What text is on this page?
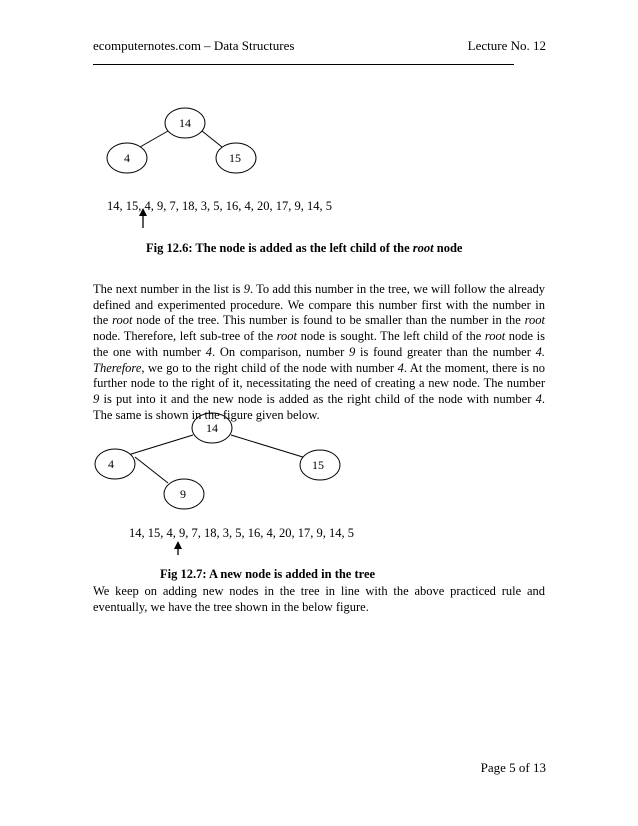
ecomputernotes.com – Data Structures	Lecture No. 12
14
4	15
14
4	15
9
14, 15, 4, 9, 7, 18, 3, 5, 16, 4, 20, 17, 9, 14, 5
Fig 12.6: The node is added as the left child of the root node

The next number in the list is 9. To add this number in the tree, we will follow the already defined and experimented procedure. We compare this number first with the number in the root node of the tree. This number is found to be smaller than the number in the root node. Therefore, left sub-tree of the root node is sought. The left child of the root node is the one with number 4. On comparison, number 9 is found greater than the number 4. Therefore, we go to the right child of the node with number 4. At the moment, there is no further node to the right of it, necessitating the need of creating a new node. The number 9 is put into it and the new node is added as the right child of the node with number 4. The same is shown in the figure given below.

14, 15, 4, 9, 7, 18, 3, 5, 16, 4, 20, 17, 9, 14, 5
Fig 12.7: A new node is added in the tree

We keep on adding new nodes in the tree in line with the above practiced rule and eventually, we have the tree shown in the below figure.

Page 5 of 13
